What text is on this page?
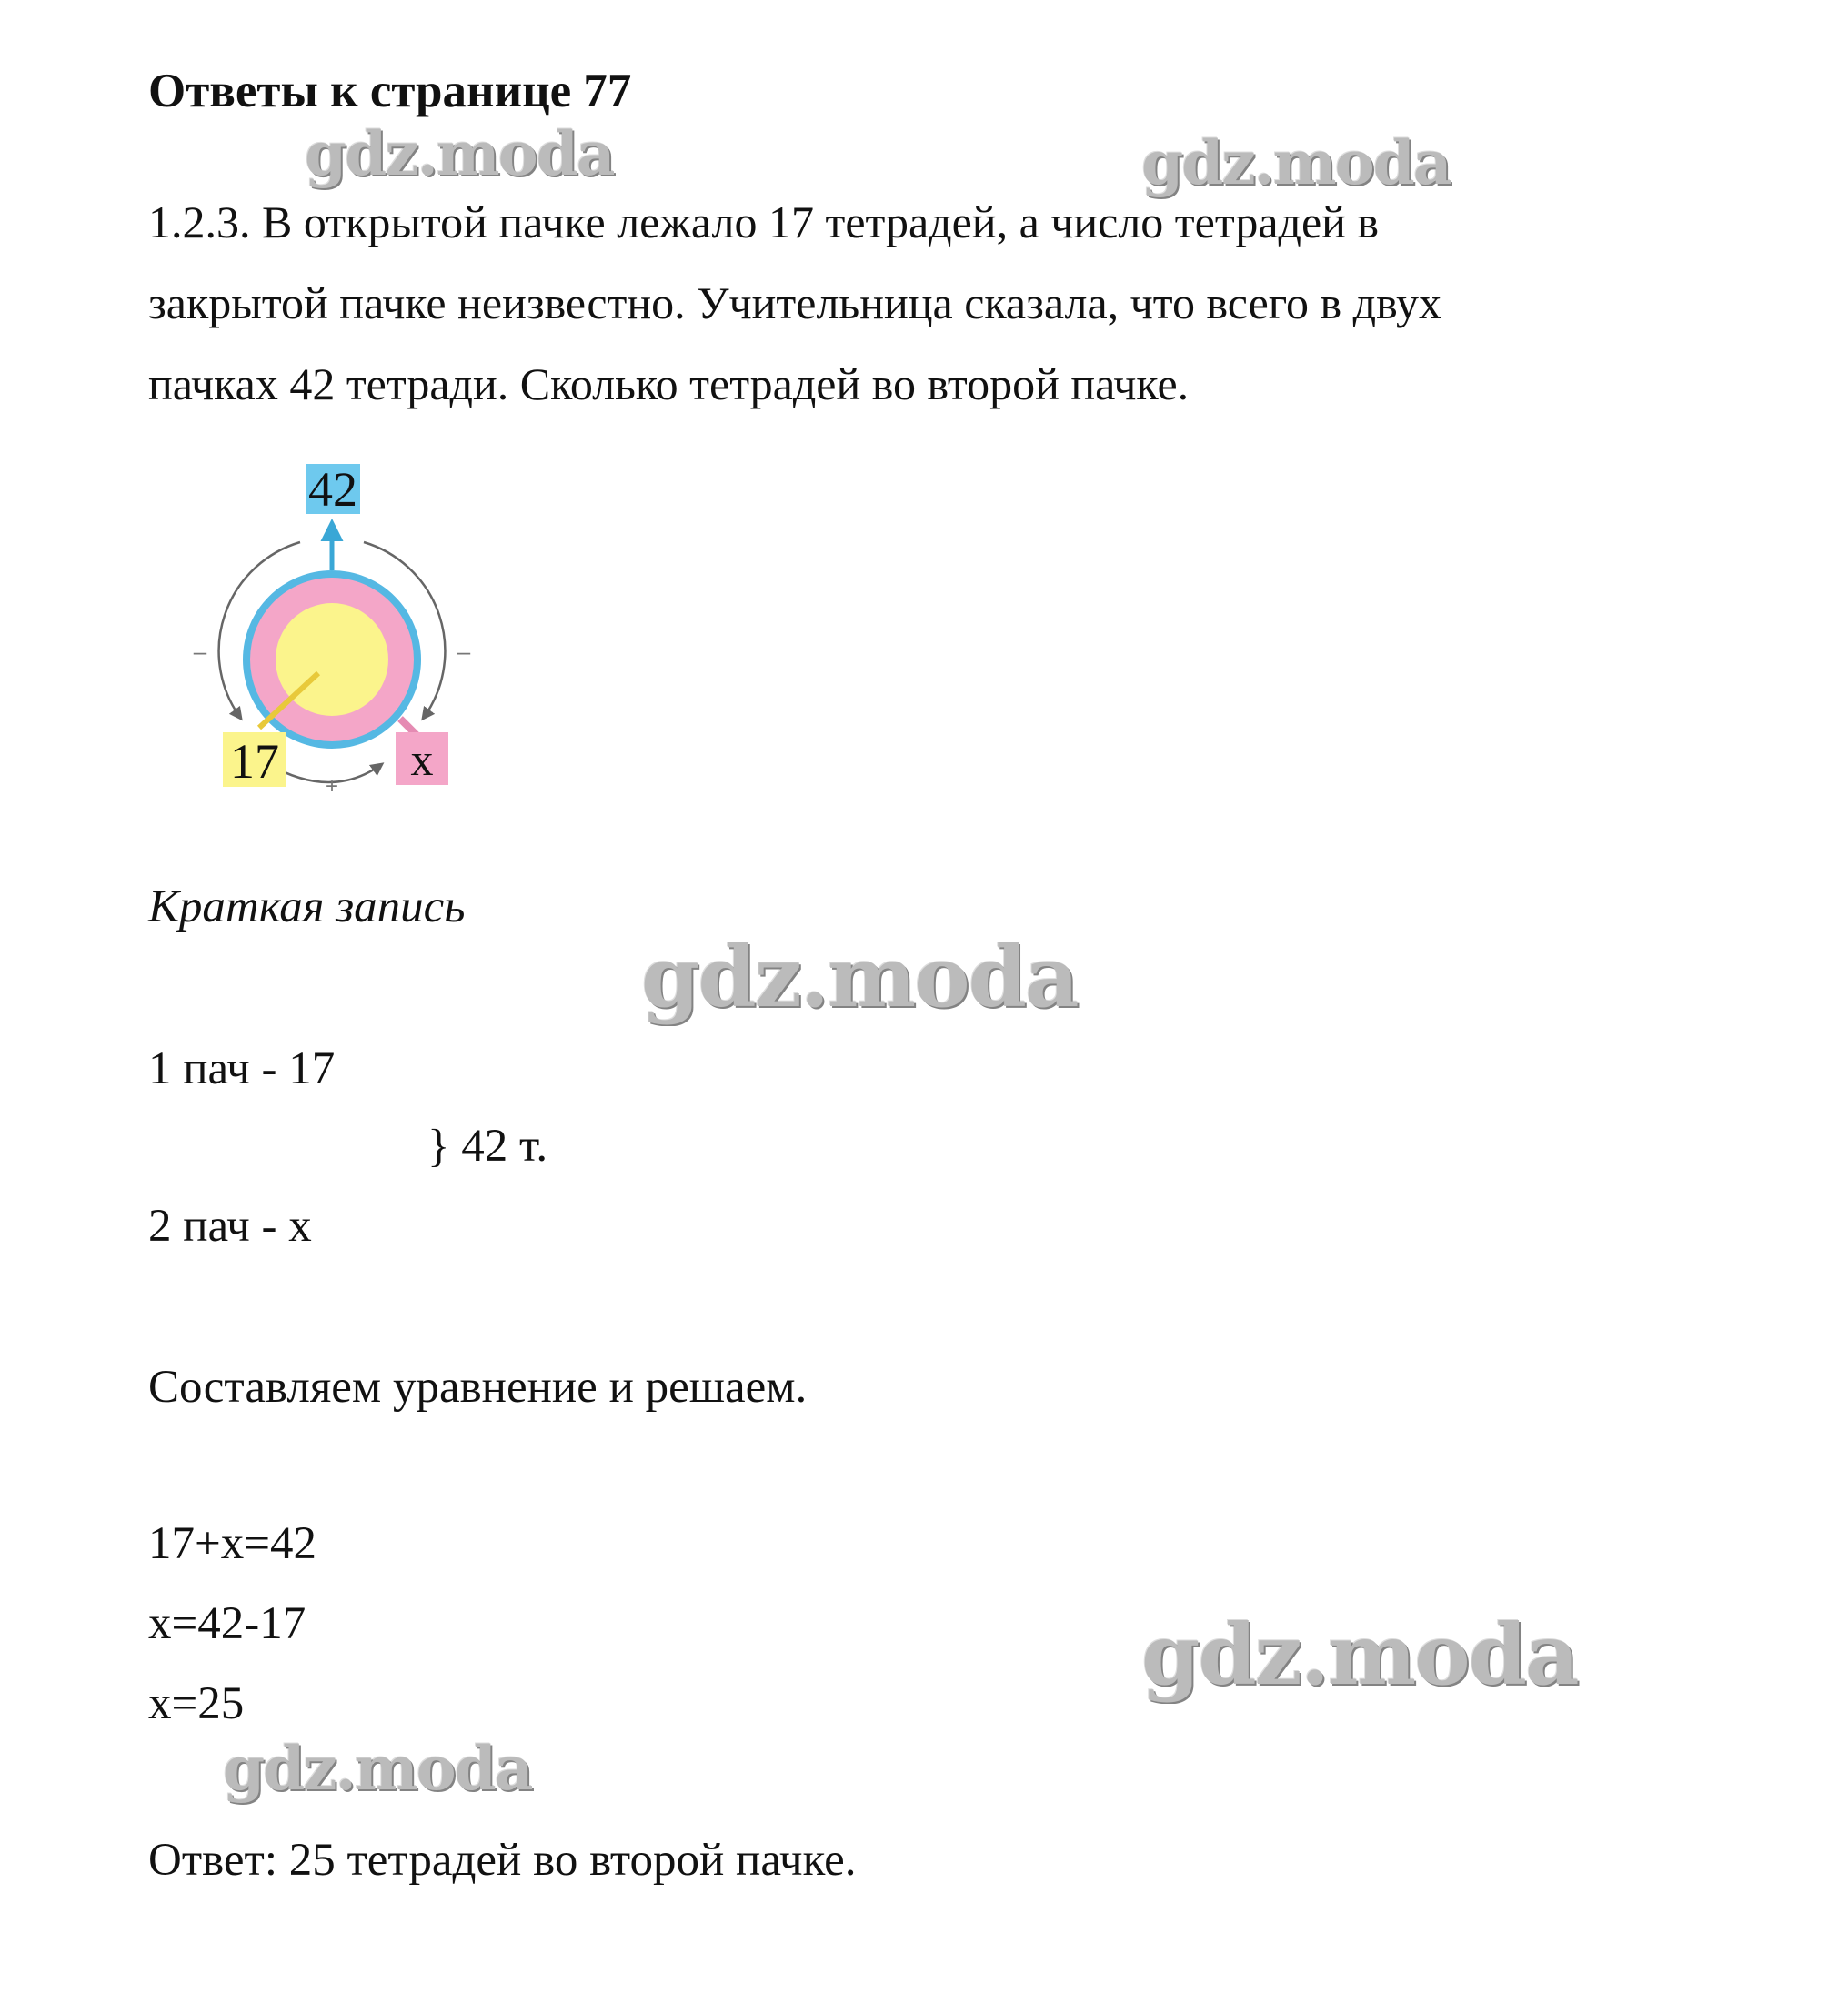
Ответы к странице 77
gdz.moda	gdz.moda
1.2.3. В открытой пачке лежало 17 тетрадей, а число тетрадей в
закрытой пачке неизвестно. Учительница сказала, что всего в двух
пачках 42 тетради. Сколько тетрадей во второй пачке.
42
17	x
–	–
+
Краткая запись
gdz.moda
1 пач - 17
} 42 т.
2 пач - x
Составляем уравнение и решаем.
17+x=42
x=42-17
x=25	gdz.moda
gdz.moda
Ответ: 25 тетрадей во второй пачке.
